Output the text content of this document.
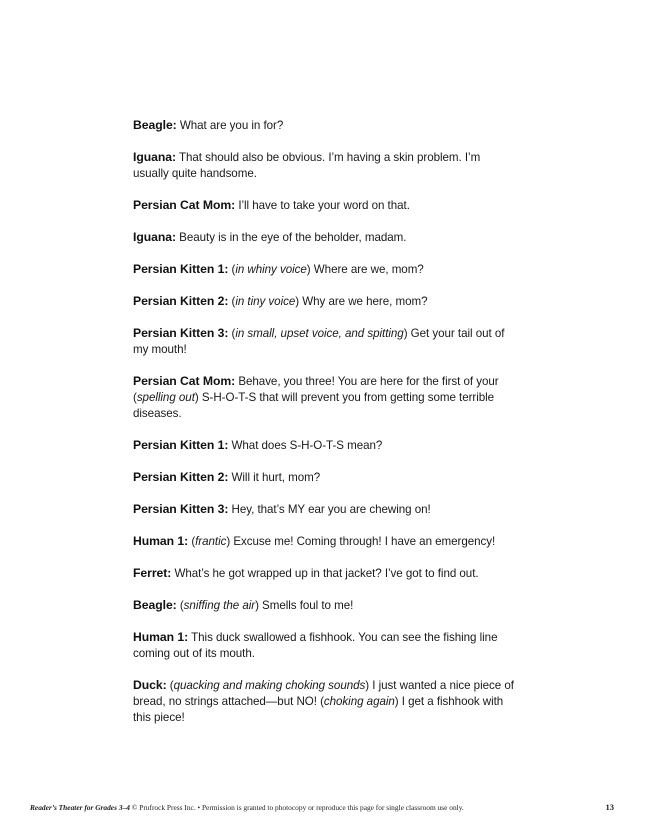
Beagle: What are you in for?

Iguana: That should also be obvious. I’m having a skin problem. I’m usually quite handsome.

Persian Cat Mom: I’ll have to take your word on that.

Iguana: Beauty is in the eye of the beholder, madam.

Persian Kitten 1: (in whiny voice) Where are we, mom?

Persian Kitten 2: (in tiny voice) Why are we here, mom?

Persian Kitten 3: (in small, upset voice, and spitting) Get your tail out of my mouth!

Persian Cat Mom: Behave, you three! You are here for the first of your (spelling out) S-H-O-T-S that will prevent you from getting some terrible diseases.

Persian Kitten 1: What does S-H-O-T-S mean?

Persian Kitten 2: Will it hurt, mom?

Persian Kitten 3: Hey, that’s MY ear you are chewing on!

Human 1: (frantic) Excuse me! Coming through! I have an emergency!

Ferret: What’s he got wrapped up in that jacket? I’ve got to find out.

Beagle: (sniffing the air) Smells foul to me!

Human 1: This duck swallowed a fishhook. You can see the fishing line coming out of its mouth.

Duck: (quacking and making choking sounds) I just wanted a nice piece of bread, no strings attached—but NO! (choking again) I get a fishhook with this piece!

Reader’s Theater for Grades 3–4 © Prufrock Press Inc. • Permission is granted to photocopy or reproduce this page for single classroom use only.	13
